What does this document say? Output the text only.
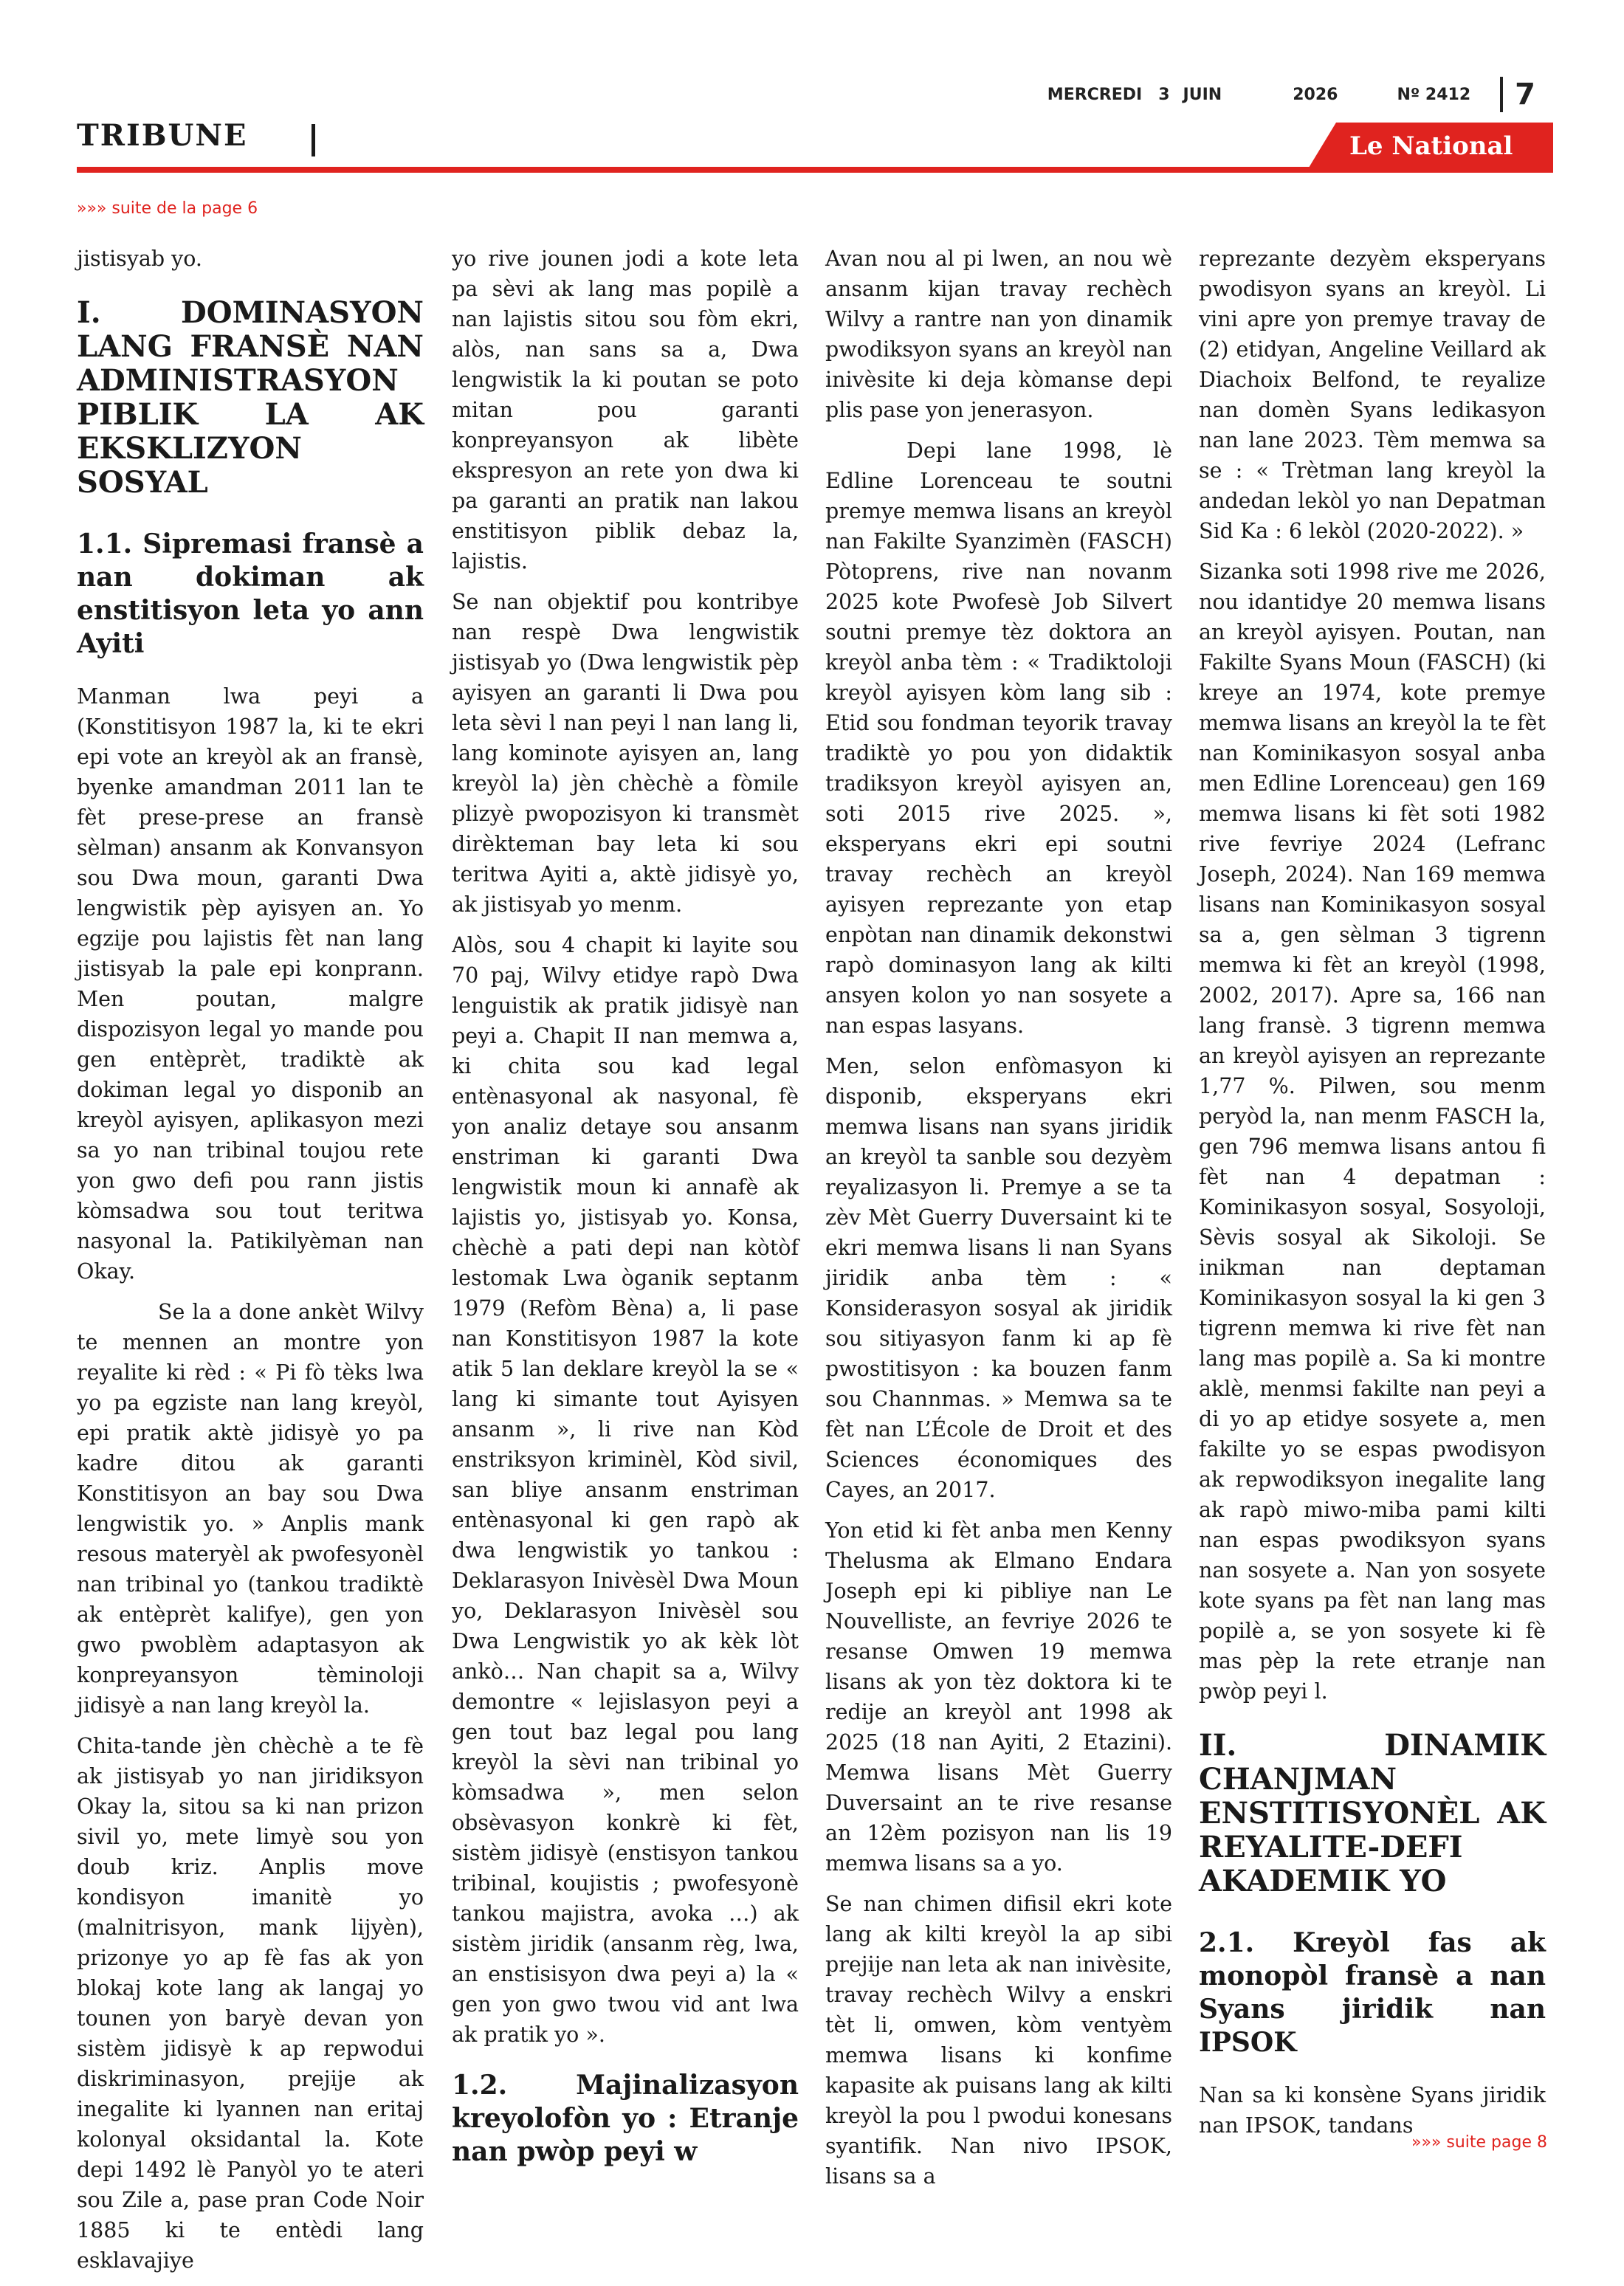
MERCREDI 3 JUIN	2026	Nº 2412 7
TRIBUNE	Le National
»»» suite de la page 6

jistisyab yo.

I. DOMINASYON LANG FRANSÈ NAN ADMINISTRASYON PIBLIK LA AK EKSKLIZYON SOSYAL
1.1. Sipremasi fransè a nan dokiman ak enstitisyon leta yo ann Ayiti

Manman lwa peyi a (Konstitisyon 1987 la, ki te ekri epi vote an kreyòl ak an fransè, byenke amandman 2011 lan te fèt prese-prese an fransè sèlman) ansanm ak Konvansyon sou Dwa moun, garanti Dwa lengwistik pèp ayisyen an. Yo egzije pou lajistis fèt nan lang jistisyab la pale epi konprann. Men poutan, malgre dispozisyon legal yo mande pou gen entèprèt, tradiktè ak dokiman legal yo disponib an kreyòl ayisyen, aplikasyon mezi sa yo nan tribinal toujou rete yon gwo defi pou rann jistis kòmsadwa sou tout teritwa nasyonal la. Patikilyèman nan Okay.

Se la a done ankèt Wilvy te mennen an montre yon reyalite ki rèd : « Pi fò tèks lwa yo pa egziste nan lang kreyòl, epi pratik aktè jidisyè yo pa kadre ditou ak garanti Konstitisyon an bay sou Dwa lengwistik yo. » Anplis mank resous materyèl ak pwofesyonèl nan tribinal yo (tankou tradiktè ak entèprèt kalifye), gen yon gwo pwoblèm adaptasyon ak konpreyansyon tèminoloji jidisyè a nan lang kreyòl la.

Chita-tande jèn chèchè a te fè ak jistisyab yo nan jiridiksyon Okay la, sitou sa ki nan prizon sivil yo, mete limyè sou yon doub kriz. Anplis move kondisyon imanitè yo (malnitrisyon, mank lijyèn), prizonye yo ap fè fas ak yon blokaj kote lang ak langaj yo tounen yon baryè devan yon sistèm jidisyè k ap repwodui diskriminasyon, prejije ak inegalite ki lyannen nan eritaj kolonyal oksidantal la. Kote depi 1492 lè Panyòl yo te ateri sou Zile a, pase pran Code Noir 1885 ki te entèdi lang esklavajiye

yo rive jounen jodi a kote leta pa sèvi ak lang mas popilè a nan lajistis sitou sou fòm ekri, alòs, nan sans sa a, Dwa lengwistik la ki poutan se poto mitan pou garanti konpreyansyon ak libète ekspresyon an rete yon dwa ki pa garanti an pratik nan lakou enstitisyon piblik debaz la, lajistis.

Se nan objektif pou kontribye nan respè Dwa lengwistik jistisyab yo (Dwa lengwistik pèp ayisyen an garanti li Dwa pou leta sèvi l nan peyi l nan lang li, lang kominote ayisyen an, lang kreyòl la) jèn chèchè a fòmile plizyè pwopozisyon ki transmèt dirèkteman bay leta ki sou teritwa Ayiti a, aktè jidisyè yo, ak jistisyab yo menm.

Alòs, sou 4 chapit ki layite sou 70 paj, Wilvy etidye rapò Dwa lenguistik ak pratik jidisyè nan peyi a. Chapit II nan memwa a, ki chita sou kad legal entènasyonal ak nasyonal, fè yon analiz detaye sou ansanm enstriman ki garanti Dwa lengwistik moun ki annafè ak lajistis yo, jistisyab yo. Konsa, chèchè a pati depi nan kòtòf lestomak Lwa òganik septanm 1979 (Refòm Bèna) a, li pase nan Konstitisyon 1987 la kote atik 5 lan deklare kreyòl la se « lang ki simante tout Ayisyen ansanm », li rive nan Kòd enstriksyon kriminèl, Kòd sivil, san bliye ansanm enstriman entènasyonal ki gen rapò ak dwa lengwistik yo tankou : Deklarasyon Inivèsèl Dwa Moun yo, Deklarasyon Inivèsèl sou Dwa Lengwistik yo ak kèk lòt ankò… Nan chapit sa a, Wilvy demontre « lejislasyon peyi a gen tout baz legal pou lang kreyòl la sèvi nan tribinal yo kòmsadwa », men selon obsèvasyon konkrè ki fèt, sistèm jidisyè (enstisyon tankou tribinal, koujistis ; pwofesyonè tankou majistra, avoka …) ak sistèm jiridik (ansanm règ, lwa, an enstisisyon dwa peyi a) la « gen yon gwo twou vid ant lwa ak pratik yo ».

1.2. Majinalizasyon kreyolofòn yo : Etranje nan pwòp peyi w

Avan nou al pi lwen, an nou wè ansanm kijan travay rechèch Wilvy a rantre nan yon dinamik pwodiksyon syans an kreyòl nan inivèsite ki deja kòmanse depi plis pase yon jenerasyon.

Depi lane 1998, lè Edline Lorenceau te soutni premye memwa lisans an kreyòl nan Fakilte Syanzimèn (FASCH) Pòtoprens, rive nan novanm 2025 kote Pwofesè Job Silvert soutni premye tèz doktora an kreyòl anba tèm : « Tradiktoloji kreyòl ayisyen kòm lang sib : Etid sou fondman teyorik travay tradiktè yo pou yon didaktik tradiksyon kreyòl ayisyen an, soti 2015 rive 2025. », eksperyans ekri epi soutni travay rechèch an kreyòl ayisyen reprezante yon etap enpòtan nan dinamik dekonstwi rapò dominasyon lang ak kilti ansyen kolon yo nan sosyete a nan espas lasyans.

Men, selon enfòmasyon ki disponib, eksperyans ekri memwa lisans nan syans jiridik an kreyòl ta sanble sou dezyèm reyalizasyon li. Premye a se ta zèv Mèt Guerry Duversaint ki te ekri memwa lisans li nan Syans jiridik anba tèm : « Konsiderasyon sosyal ak jiridik sou sitiyasyon fanm ki ap fè pwostitisyon : ka bouzen fanm sou Channmas. » Memwa sa te fèt nan L’École de Droit et des Sciences économiques des Cayes, an 2017.

Yon etid ki fèt anba men Kenny Thelusma ak Elmano Endara Joseph epi ki pibliye nan Le Nouvelliste, an fevriye 2026 te resanse Omwen 19 memwa lisans ak yon tèz doktora ki te redije an kreyòl ant 1998 ak 2025 (18 nan Ayiti, 2 Etazini). Memwa lisans Mèt Guerry Duversaint an te rive resanse an 12èm pozisyon nan lis 19 memwa lisans sa a yo.

Se nan chimen difisil ekri kote lang ak kilti kreyòl la ap sibi prejije nan leta ak nan inivèsite, travay rechèch Wilvy a enskri tèt li, omwen, kòm ventyèm memwa lisans ki konfime kapasite ak puisans lang ak kilti kreyòl la pou l pwodui konesans syantifik. Nan nivo IPSOK, lisans sa a

reprezante dezyèm eksperyans pwodisyon syans an kreyòl. Li vini apre yon premye travay de (2) etidyan, Angeline Veillard ak Diachoix Belfond, te reyalize nan domèn Syans ledikasyon nan lane 2023. Tèm memwa sa se : « Trètman lang kreyòl la andedan lekòl yo nan Depatman Sid Ka : 6 lekòl (2020-2022). »

Sizanka soti 1998 rive me 2026, nou idantidye 20 memwa lisans an kreyòl ayisyen. Poutan, nan Fakilte Syans Moun (FASCH) (ki kreye an 1974, kote premye memwa lisans an kreyòl la te fèt nan Kominikasyon sosyal anba men Edline Lorenceau) gen 169 memwa lisans ki fèt soti 1982 rive fevriye 2024 (Lefranc Joseph, 2024). Nan 169 memwa lisans nan Kominikasyon sosyal sa a, gen sèlman 3 tigrenn memwa ki fèt an kreyòl (1998, 2002, 2017). Apre sa, 166 nan lang fransè. 3 tigrenn memwa an kreyòl ayisyen an reprezante 1,77 %. Pilwen, sou menm peryòd la, nan menm FASCH la, gen 796 memwa lisans antou fi fèt nan 4 depatman : Kominikasyon sosyal, Sosyoloji, Sèvis sosyal ak Sikoloji. Se inikman nan deptaman Kominikasyon sosyal la ki gen 3 tigrenn memwa ki rive fèt nan lang mas popilè a. Sa ki montre aklè, menmsi fakilte nan peyi a di yo ap etidye sosyete a, men fakilte yo se espas pwodisyon ak repwodiksyon inegalite lang ak rapò miwo-miba pami kilti nan espas pwodiksyon syans nan sosyete a. Nan yon sosyete kote syans pa fèt nan lang mas popilè a, se yon sosyete ki fè mas pèp la rete etranje nan pwòp peyi l.

II. DINAMIK CHANJMAN ENSTITISYONÈL AK REYALITE-DEFI AKADEMIK YO
2.1. Kreyòl fas ak monopòl fransè a nan Syans jiridik nan IPSOK

Nan sa ki konsène Syans jiridik nan IPSOK, tandans

»»» suite page 8
